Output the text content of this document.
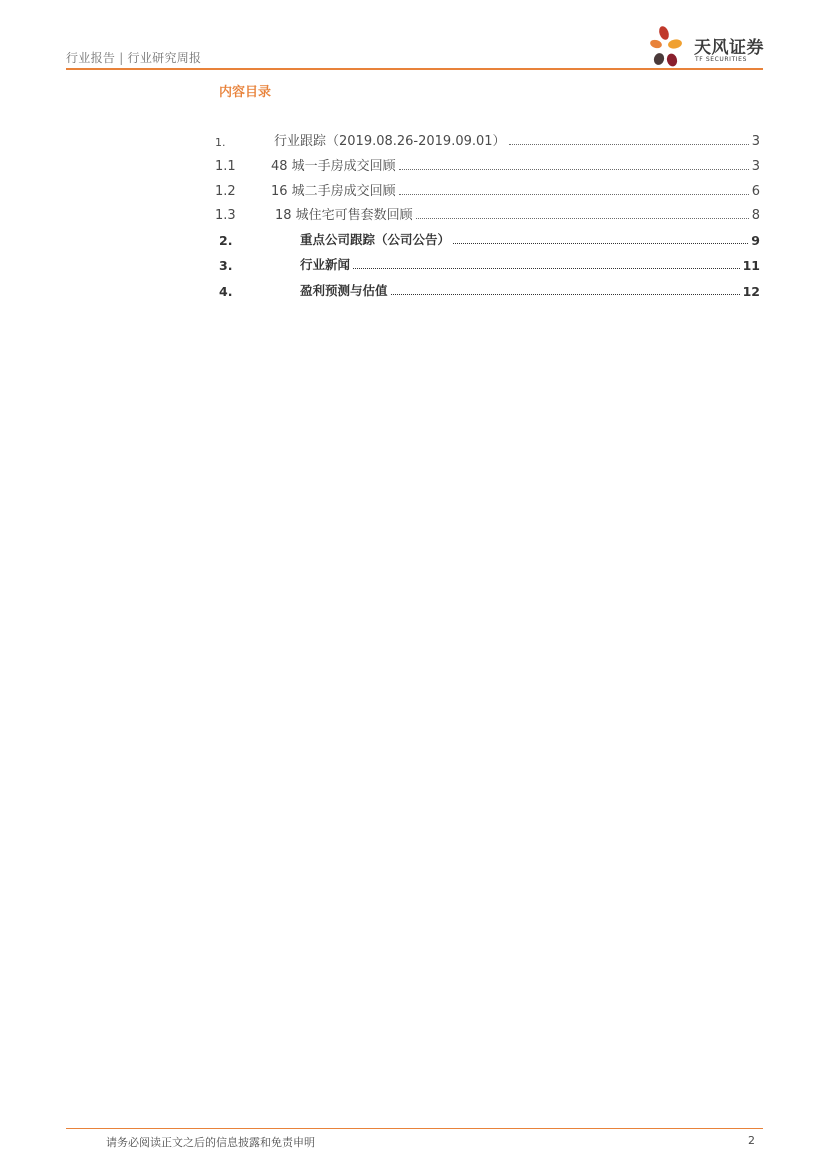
行业报告 | 行业研究周报	天风证券
TF SECURITIES
内容目录
1.	行业跟踪（2019.08.26-2019.09.01）	3
1.1	48 城一手房成交回顾	3
1.2	16 城二手房成交回顾	6
1.3	18 城住宅可售套数回顾	8
2.	重点公司跟踪（公司公告）	9
3.	行业新闻	11
4.	盈利预测与估值	12
请务必阅读正文之后的信息披露和免责申明	2
